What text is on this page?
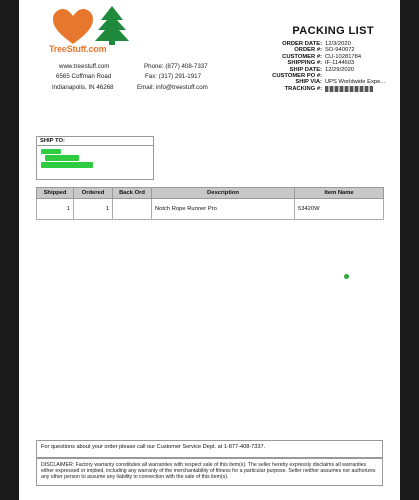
TreeStuff.com
www.treestuff.com
6565 Coffman Road
Indianapolis, IN 46268
Phone: (877) 408-7337
Fax: (317) 291-1917
Email: info@treestuff.com
PACKING LIST
ORDER DATE: 12/3/2020
ORDER #: SO-940072
CUSTOMER #: CU-10281784
SHIPPING #: IF-1144603
SHIP DATE: 12/29/2020
CUSTOMER PO #:
SHIP VIA: UPS Worldwide Expe...
TRACKING #:
SHIP TO:
Shipped	Ordered	Back Ord	Description	Item Name
1	1		Notch Rope Runner Pro	53420W
For questions about your order please call our Customer Service Dept. at 1-877-408-7337.
DISCLAIMER: Factory warranty constitutes all warranties with respect sale of this item(s). The seller hereby expressly disclaims all warranties either expressed or implied, including any warranty of the merchantability of fitness for a particular purpose. Seller neither assumes nor authorizes any other person to assume any liability in connection with the sale of this item(s).
